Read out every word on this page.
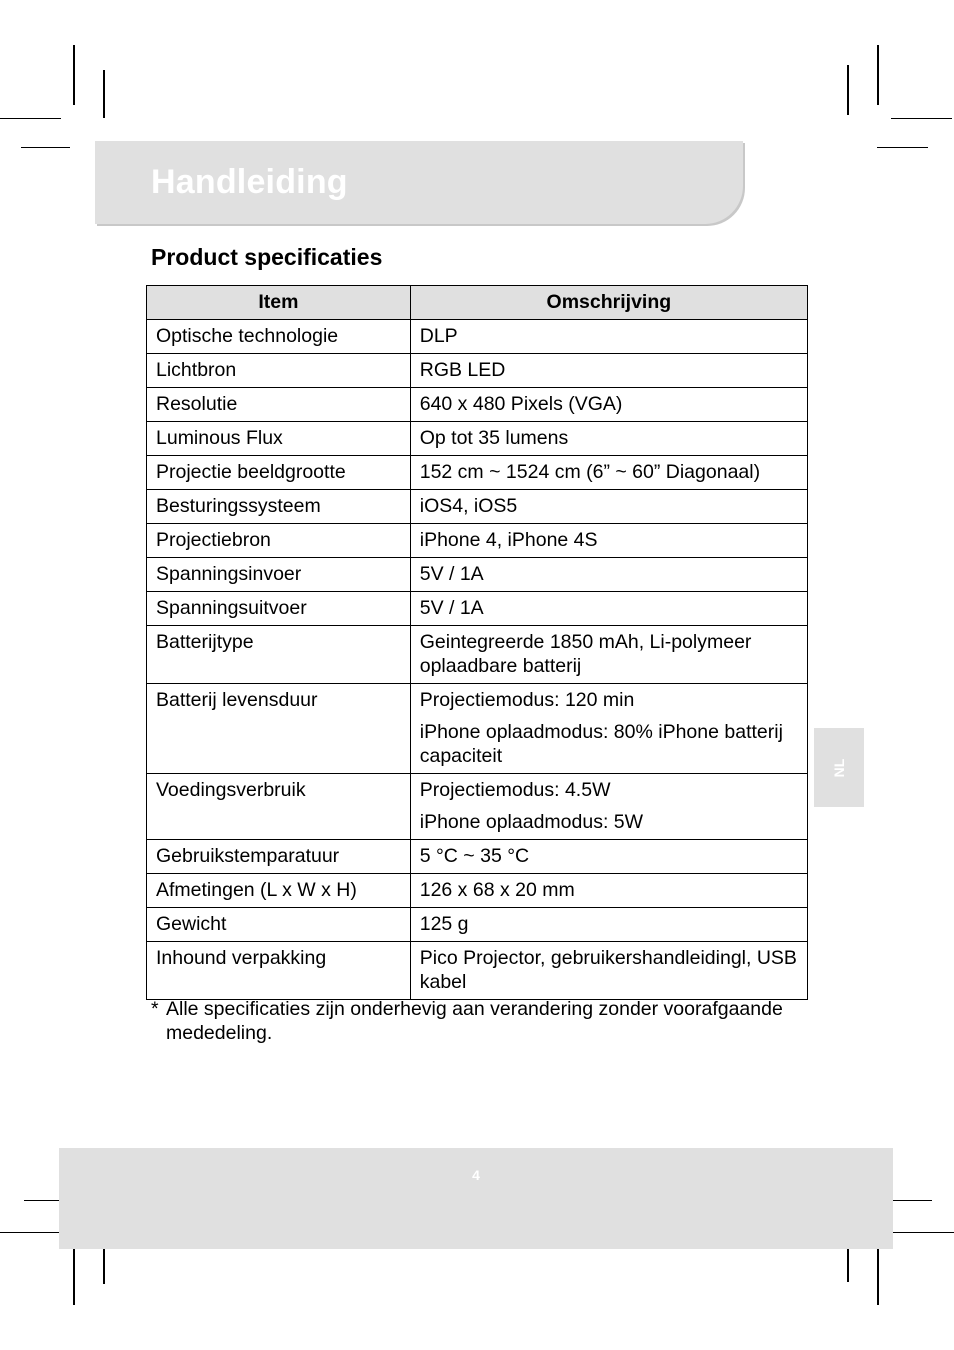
Handleiding
Product specificaties
Item	Omschrijving
Optische technologie	DLP

Lichtbron	RGB LED

Resolutie	640 x 480 Pixels (VGA)

Luminous Flux	Op tot 35 lumens

Projectie beeldgrootte	152 cm ~ 1524 cm (6” ~ 60” Diagonaal)

Besturingssysteem	iOS4, iOS5

Projectiebron	iPhone 4, iPhone 4S

Spanningsinvoer	5V / 1A

Spanningsuitvoer	5V / 1A

Batterijtype	Geintegreerde 1850 mAh, Li-polymeer oplaadbare batterij

Batterij levensduur	Projectiemodus: 120 min
iPhone oplaadmodus: 80% iPhone batterij capaciteit

Voedingsverbruik	Projectiemodus: 4.5W
iPhone oplaadmodus: 5W

Gebruikstemparatuur	5 °C ~ 35 °C

Afmetingen (L x W x H)	126 x 68 x 20 mm

Gewicht	125 g

Inhound verpakking	Pico Projector, gebruikershandleidingl, USB kabel
* Alle specificaties zijn onderhevig aan verandering zonder voorafgaande mededeling.
NL
4
